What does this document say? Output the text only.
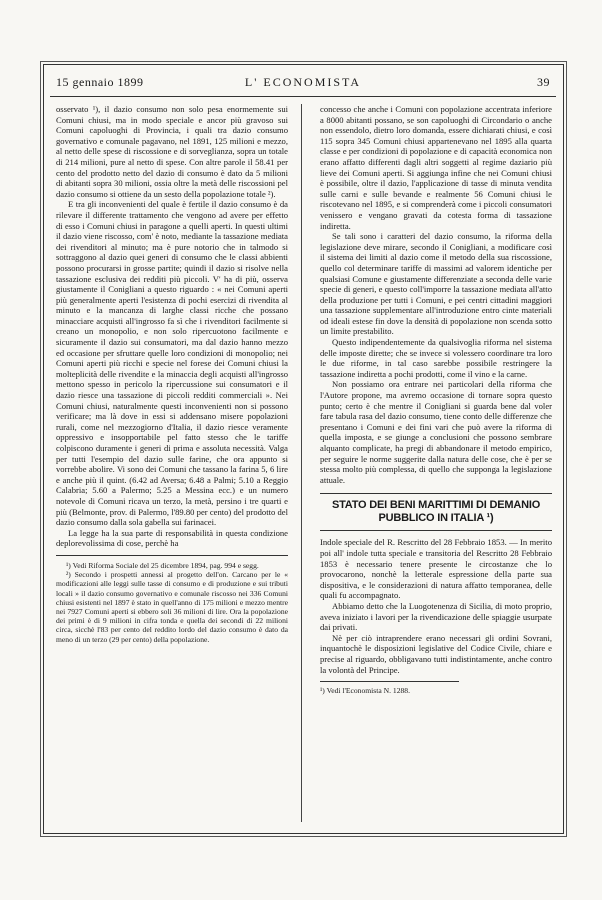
15 gennaio 1899	L' ECONOMISTA	39

osservato ¹), il dazio consumo non solo pesa enormemente sui Comuni chiusi, ma in modo speciale e ancor più gravoso sui Comuni capoluoghi di Provincia, i quali tra dazio consumo governativo e comunale pagavano, nel 1891, 125 milioni e mezzo, al netto delle spese di riscossione e di sorveglianza, sopra un totale di 214 milioni, pure al netto di spese. Con altre parole il 58.41 per cento del prodotto netto del dazio di consumo è dato da 5 milioni di abitanti sopra 30 milioni, ossia oltre la metà delle riscossioni pel dazio consumo si ottiene da un sesto della popolazione totale ²).

E tra gli inconvenienti del quale è fertile il dazio consumo è da rilevare il differente trattamento che vengono ad avere per effetto di esso i Comuni chiusi in paragone a quelli aperti. In questi ultimi il dazio viene riscosso, com' è noto, mediante la tassazione mediata dei rivenditori al minuto; ma è pure notorio che in talmodo si sottraggono al dazio quei generi di consumo che le classi abbienti possono procurarsi in grosse partite; quindi il dazio si risolve nella tassazione esclusiva dei redditi più piccoli. V' ha di più, osserva giustamente il Conigliani a questo riguardo : « nei Comuni aperti più generalmente aperti l'esistenza di pochi esercizi di rivendita al minuto e la mancanza di larghe classi ricche che possano minacciare acquisti all'ingrosso fa sì che i rivenditori facilmente si creano un monopolio, e non solo ripercuotono facilmente e sicuramente il dazio sui consumatori, ma dal dazio hanno mezzo ed occasione per sfruttare quelle loro condizioni di monopolio; nei Comuni aperti più ricchi e specie nel forese dei Comuni chiusi la molteplicità delle rivendite e la minaccia degli acquisti all'ingrosso mettono spesso in pericolo la ripercussione sui consumatori e il dazio riesce una tassazione di piccoli redditi commerciali ». Nei Comuni chiusi, naturalmente questi inconvenienti non si possono verificare; ma là dove in essi si addensano misere popolazioni rurali, come nel mezzogiorno d'Italia, il dazio riesce veramente oppressivo e insopportabile pel fatto stesso che le tariffe colpiscono duramente i generi di prima e assoluta necessità. Valga per tutti l'esempio del dazio sulle farine, che ora appunto si vorrebbe abolire. Vi sono dei Comuni che tassano la farina 5, 6 lire e anche più il quint. (6.42 ad Aversa; 6.48 a Palmi; 5.10 a Reggio Calabria; 5.60 a Palermo; 5.25 a Messina ecc.) e un numero notevole di Comuni ricava un terzo, la metà, persino i tre quarti e più (Belmonte, prov. di Palermo, l'89.80 per cento) del prodotto del dazio consumo dalla sola gabella sui farinacei.

La legge ha la sua parte di responsabilità in questa condizione deplorevolissima di cose, perchè ha

¹) Vedi Riforma Sociale del 25 dicembre 1894, pag. 994 e segg.

²) Secondo i prospetti annessi al progetto dell'on. Carcano per le « modificazioni alle leggi sulle tasse di consumo e di produzione e sui tributi locali » il dazio consumo governativo e comunale riscosso nei 336 Comuni chiusi esistenti nel 1897 è stato in quell'anno di 175 milioni e mezzo mentre nei 7927 Comuni aperti si ebbero soli 36 milioni di lire. Ora la popolazione dei primi è di 9 milioni in cifra tonda e quella dei secondi di 22 milioni circa, sicchè l'83 per cento del reddito lordo del dazio consumo è dato da meno di un terzo (29 per cento) della popolazione.

concesso che anche i Comuni con popolazione accentrata inferiore a 8000 abitanti possano, se son capoluoghi di Circondario o anche non essendolo, dietro loro domanda, essere dichiarati chiusi, e così 115 sopra 345 Comuni chiusi appartenevano nel 1895 alla quarta classe e per condizioni di popolazione e di capacità economica non erano affatto differenti dagli altri soggetti al regime daziario più lieve dei Comuni aperti. Si aggiunga infine che nei Comuni chiusi è possibile, oltre il dazio, l'applicazione di tasse di minuta vendita sulle carni e sulle bevande e realmente 56 Comuni chiusi le riscotevano nel 1895, e si comprenderà come i piccoli consumatori venissero e vengano gravati da cotesta forma di tassazione indiretta.

Se tali sono i caratteri del dazio consumo, la riforma della legislazione deve mirare, secondo il Conigliani, a modificare così il sistema dei limiti al dazio come il metodo della sua riscossione, quello col determinare tariffe di massimi ad valorem identiche per qualsiasi Comune e giustamente differenziate a seconda delle varie specie di generi, e questo coll'imporre la tassazione mediata all'atto della produzione per tutti i Comuni, e pei centri cittadini maggiori una tassazione supplementare all'introduzione entro cinte materiali od ideali estese fin dove la densità di popolazione non scenda sotto un limite prestabilito.

Questo indipendentemente da qualsivoglia riforma nel sistema delle imposte dirette; che se invece si volessero coordinare tra loro le due riforme, in tal caso sarebbe possibile restringere la tassazione indiretta a pochi prodotti, come il vino e la carne.

Non possiamo ora entrare nei particolari della riforma che l'Autore propone, ma avremo occasione di tornare sopra questo punto; certo è che mentre il Conigliani si guarda bene dal voler fare tabula rasa del dazio consumo, tiene conto delle differenze che presentano i Comuni e dei fini vari che può avere la riforma di quella imposta, e se giunge a conclusioni che possono sembrare alquanto complicate, ha pregi di abbandonare il metodo empirico, per seguire le norme suggerite dalla natura delle cose, che è per se stessa molto più complessa, di quello che supponga la legislazione attuale.

STATO DEI BENI MARITTIMI DI DEMANIO PUBBLICO IN ITALIA ¹)

Indole speciale del R. Rescritto del 28 Febbraio 1853. — In merito poi all' indole tutta speciale e transitoria del Rescritto 28 Febbraio 1853 è necessario tenere presente le circostanze che lo provocarono, nonchè la letterale espressione della parte sua dispositiva, e le considerazioni di natura affatto temporanea, delle quali fu accompagnato.

Abbiamo detto che la Luogotenenza di Sicilia, di moto proprio, aveva iniziato i lavori per la rivendicazione delle spiaggie usurpate dai privati.

Nè per ciò intraprendere erano necessari gli ordini Sovrani, inquantochè le disposizioni legislative del Codice Civile, chiare e precise al riguardo, obbligavano tutti indistintamente, anche contro la volontà del Principe.

¹) Vedi l'Economista N. 1288.
